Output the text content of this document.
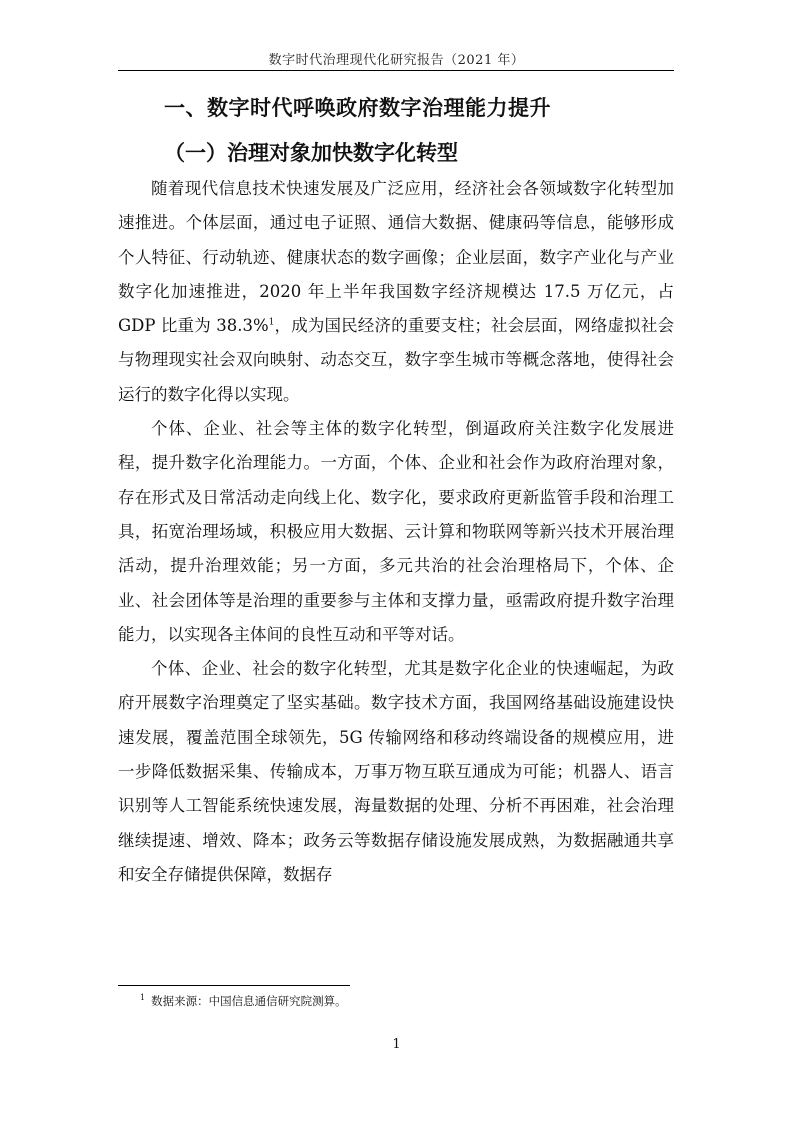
数字时代治理现代化研究报告（2021 年）
一、数字时代呼唤政府数字治理能力提升
（一）治理对象加快数字化转型

随着现代信息技术快速发展及广泛应用，经济社会各领域数字化转型加速推进。个体层面，通过电子证照、通信大数据、健康码等信息，能够形成个人特征、行动轨迹、健康状态的数字画像；企业层面，数字产业化与产业数字化加速推进，2020 年上半年我国数字经济规模达 17.5 万亿元，占 GDP 比重为 38.3%$^1$，成为国民经济的重要支柱；社会层面，网络虚拟社会与物理现实社会双向映射、动态交互，数字孪生城市等概念落地，使得社会运行的数字化得以实现。

个体、企业、社会等主体的数字化转型，倒逼政府关注数字化发展进程，提升数字化治理能力。一方面，个体、企业和社会作为政府治理对象，存在形式及日常活动走向线上化、数字化，要求政府更新监管手段和治理工具，拓宽治理场域，积极应用大数据、云计算和物联网等新兴技术开展治理活动，提升治理效能；另一方面，多元共治的社会治理格局下，个体、企业、社会团体等是治理的重要参与主体和支撑力量，亟需政府提升数字治理能力，以实现各主体间的良性互动和平等对话。

个体、企业、社会的数字化转型，尤其是数字化企业的快速崛起，为政府开展数字治理奠定了坚实基础。数字技术方面，我国网络基础设施建设快速发展，覆盖范围全球领先，5G 传输网络和移动终端设备的规模应用，进一步降低数据采集、传输成本，万事万物互联互通成为可能；机器人、语言识别等人工智能系统快速发展，海量数据的处理、分析不再困难，社会治理继续提速、增效、降本；政务云等数据存储设施发展成熟，为数据融通共享和安全存储提供保障，数据存

$^1$ 数据来源：中国信息通信研究院测算。
1
